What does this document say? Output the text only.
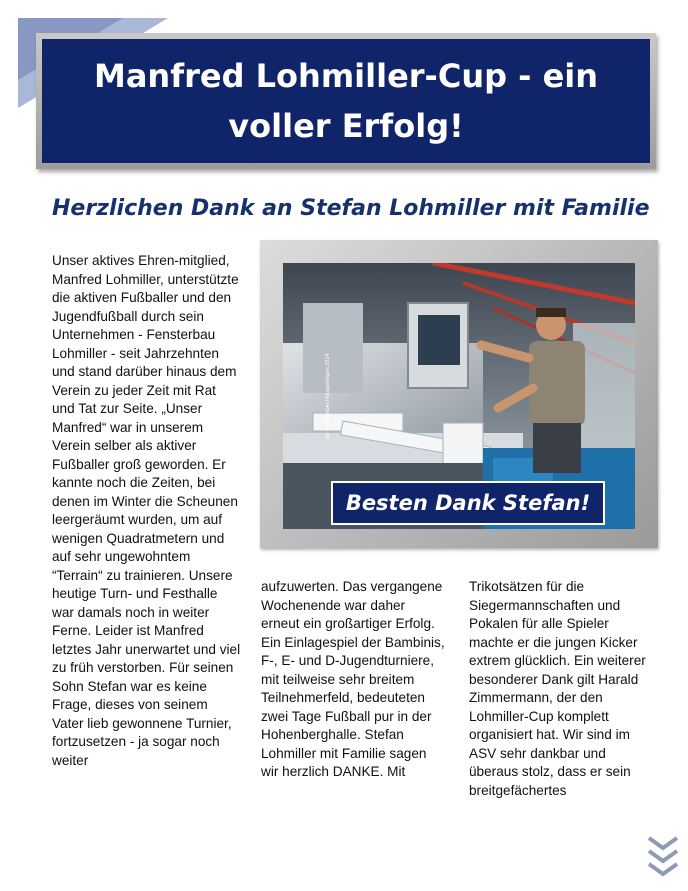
Manfred Lohmiller-Cup - ein voller Erfolg!
Herzlichen Dank an Stefan Lohmiller mit Familie

Unser aktives Ehren-mitglied, Manfred Lohmiller, unterstützte die aktiven Fußballer und den Jugendfußball durch sein Unternehmen - Fensterbau Lohmiller - seit Jahrzehnten und stand darüber hinaus dem Verein zu jeder Zeit mit Rat und Tat zur Seite. „Unser Manfred“ war in unserem Verein selber als aktiver Fußballer groß geworden. Er kannte noch die Zeiten, bei denen im Winter die Scheunen leergeräumt wurden, um auf wenigen Quadratmetern und auf sehr ungewohntem “Terrain“ zu trainieren. Unsere heutige Turn- und Festhalle war damals noch in weiter Ferne. Leider ist Manfred letztes Jahr unerwartet und viel zu früh verstorben. Für seinen Sohn Stefan war es keine Frage, dieses von seinem Vater lieb gewonnene Turnier, fortzusetzen - ja sogar noch weiter

by Foto Weber Holzgerlingen 2014
Besten Dank Stefan!

aufzuwerten. Das vergangene Wochenende war daher erneut ein großartiger Erfolg. Ein Einlagespiel der Bambinis, F-, E- und D-Jugendturniere, mit teilweise sehr breitem Teilnehmerfeld, bedeuteten zwei Tage Fußball pur in der Hohenberghalle. Stefan Lohmiller mit Familie sagen wir herzlich DANKE. Mit

Trikotsätzen für die Siegermannschaften und Pokalen für alle Spieler machte er die jungen Kicker extrem glücklich. Ein weiterer besonderer Dank gilt Harald Zimmermann, der den Lohmiller-Cup komplett organisiert hat. Wir sind im ASV sehr dankbar und überaus stolz, dass er sein breitgefächertes
